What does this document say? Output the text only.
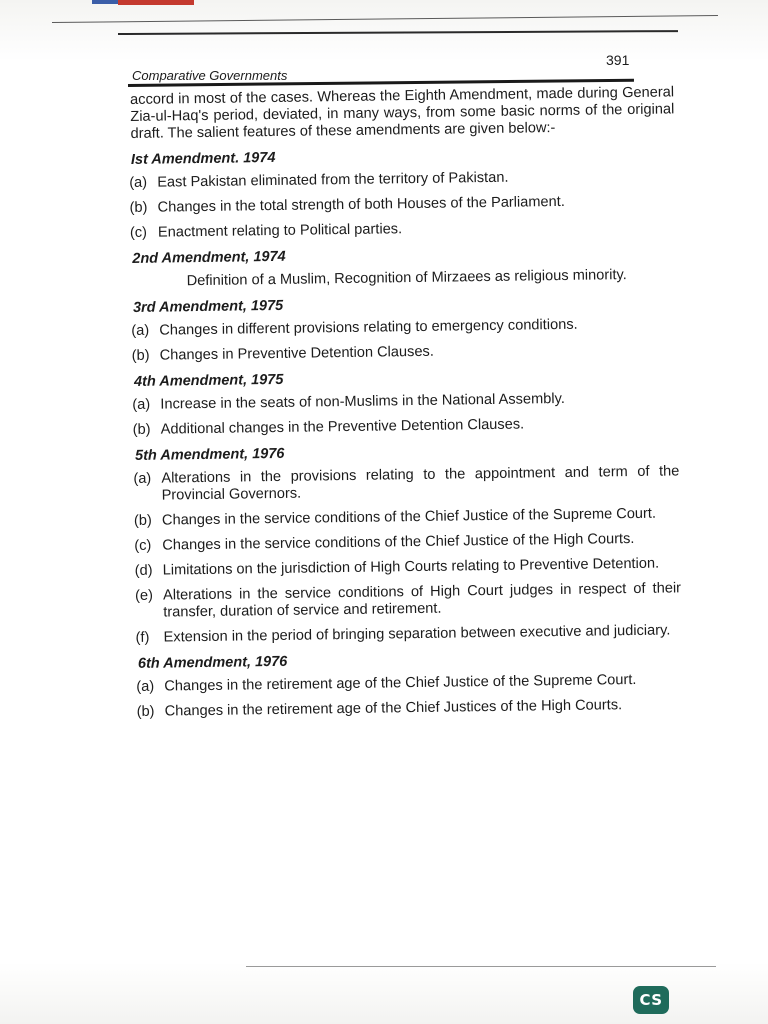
391
Comparative Governments

accord in most of the cases. Whereas the Eighth Amendment, made during General Zia-ul-Haq's period, deviated, in many ways, from some basic norms of the original draft. The salient features of these amendments are given below:-

Ist Amendment. 1974
(a) East Pakistan eliminated from the territory of Pakistan.
(b) Changes in the total strength of both Houses of the Parliament.
(c) Enactment relating to Political parties.
2nd Amendment, 1974
Definition of a Muslim, Recognition of Mirzaees as religious minority.
3rd Amendment, 1975
(a) Changes in different provisions relating to emergency conditions.
(b) Changes in Preventive Detention Clauses.
4th Amendment, 1975
(a) Increase in the seats of non-Muslims in the National Assembly.
(b) Additional changes in the Preventive Detention Clauses.
5th Amendment, 1976
(a) Alterations in the provisions relating to the appointment and term of the Provincial Governors.
(b) Changes in the service conditions of the Chief Justice of the Supreme Court.
(c) Changes in the service conditions of the Chief Justice of the High Courts.
(d) Limitations on the jurisdiction of High Courts relating to Preventive Detention.
(e) Alterations in the service conditions of High Court judges in respect of their transfer, duration of service and retirement.
(f) Extension in the period of bringing separation between executive and judiciary.
6th Amendment, 1976
(a) Changes in the retirement age of the Chief Justice of the Supreme Court.
(b) Changes in the retirement age of the Chief Justices of the High Courts.
CS
